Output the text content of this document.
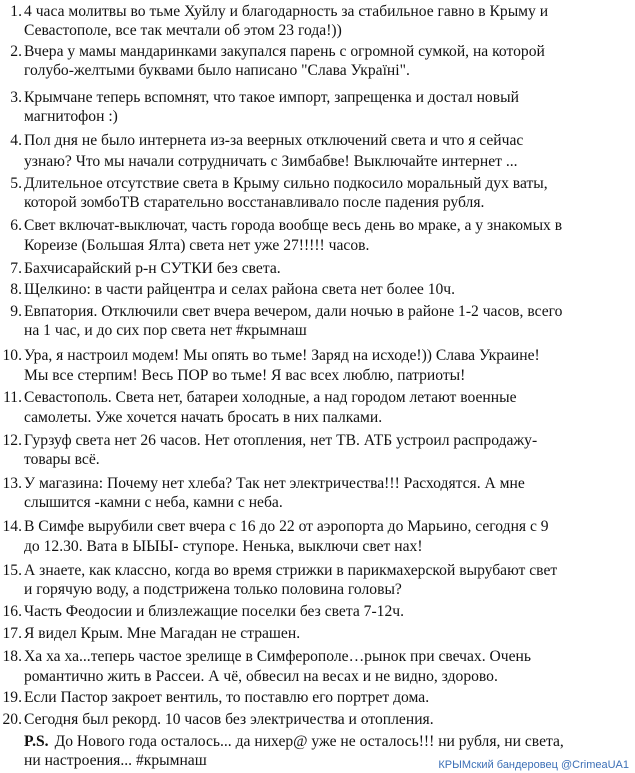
1. 4 часа молитвы во тьме Хуйлу и благодарность за стабильное гавно в Крыму и
Севастополе, все так мечтали об этом 23 года!))
2. Вчера у мамы мандаринками закупался парень с огромной сумкой, на которой
голубо-желтыми буквами было написано "Слава Україні".
3. Крымчане теперь вспомнят, что такое импорт, запрещенка и достал новый
магнитофон :)
4. Пол дня не было интернета из-за веерных отключений света и что я сейчас
узнаю? Что мы начали сотрудничать с Зимбабве! Выключайте интернет ...
5. Длительное отсутствие света в Крыму сильно подкосило моральный дух ваты,
которой зомбоТВ старательно восстанавливало после падения рубля.
6. Свет включат-выключат, часть города вообще весь день во мраке, а у знакомых в
Кореизе (Большая Ялта) света нет уже 27!!!!! часов.
7. Бахчисарайский р-н СУТКИ без света.
8. Щелкино: в части райцентра и селах района света нет более 10ч.
9. Евпатория. Отключили свет вчера вечером, дали ночью в районе 1-2 часов, всего
на 1 час, и до сих пор света нет #крымнаш
10. Ура, я настроил модем! Мы опять во тьме! Заряд на исходе!)) Слава Украине!
Мы все стерпим! Весь ПОР во тьме! Я вас всех люблю, патриоты!
11. Севастополь. Света нет, батареи холодные, а над городом летают военные
самолеты. Уже хочется начать бросать в них палками.
12. Гурзуф света нет 26 часов. Нет отопления, нет ТВ. АТБ устроил распродажу-
товары всё.
13. У магазина: Почему нет хлеба? Так нет электричества!!! Расходятся. А мне
слышится -камни с неба, камни с неба.
14. В Симфе вырубили свет вчера с 16 до 22 от аэропорта до Марьино, сегодня с 9
до 12.30. Вата в ЫЫЫ- ступоре. Ненька, выключи свет нах!
15. А знаете, как классно, когда во время стрижки в парикмахерской вырубают свет
и горячую воду, а подстрижена только половина головы?
16. Часть Феодосии и близлежащие поселки без света 7-12ч.
17. Я видел Крым. Мне Магадан не страшен.
18. Ха ха ха...теперь частое зрелище в Симферополе…рынок при свечах. Очень
романтично жить в Рассеи. А чё, обвесил на весах и не видно, здорово.
19. Если Пастор закроет вентиль, то поставлю его портрет дома.
20. Сегодня был рекорд. 10 часов без электричества и отопления.
P.S. До Нового года осталось... да нихер@ уже не осталось!!! ни рубля, ни света,
ни настроения... #крымнаш	КРЫМский бандеровец @CrimeaUA1
